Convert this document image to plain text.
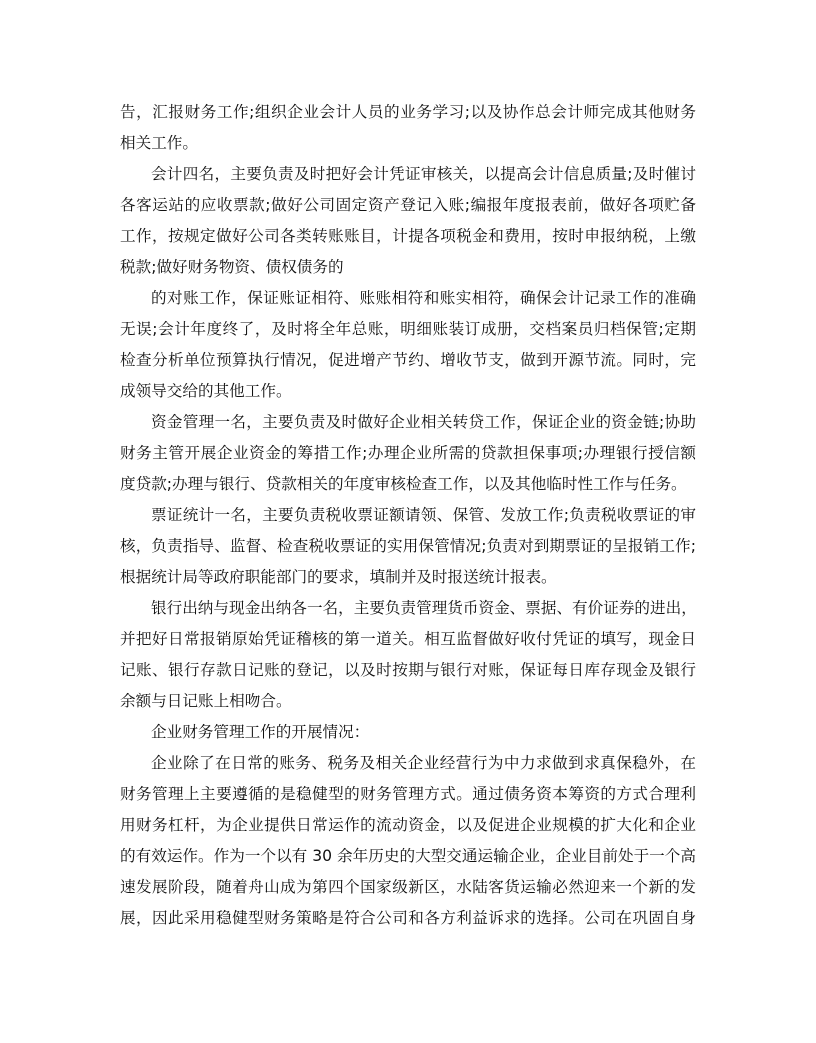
告，汇报财务工作;组织企业会计人员的业务学习;以及协作总会计师完成其他财务
相关工作。
会计四名，主要负责及时把好会计凭证审核关，以提高会计信息质量;及时催讨
各客运站的应收票款;做好公司固定资产登记入账;编报年度报表前，做好各项贮备
工作，按规定做好公司各类转账账目，计提各项税金和费用，按时申报纳税，上缴
税款;做好财务物资、债权债务的
的对账工作，保证账证相符、账账相符和账实相符，确保会计记录工作的准确
无误;会计年度终了，及时将全年总账，明细账装订成册，交档案员归档保管;定期
检查分析单位预算执行情况，促进增产节约、增收节支，做到开源节流。同时，完
成领导交给的其他工作。
资金管理一名，主要负责及时做好企业相关转贷工作，保证企业的资金链;协助
财务主管开展企业资金的筹措工作;办理企业所需的贷款担保事项;办理银行授信额
度贷款;办理与银行、贷款相关的年度审核检查工作，以及其他临时性工作与任务。
票证统计一名，主要负责税收票证额请领、保管、发放工作;负责税收票证的审
核，负责指导、监督、检查税收票证的实用保管情况;负责对到期票证的呈报销工作;
根据统计局等政府职能部门的要求，填制并及时报送统计报表。
银行出纳与现金出纳各一名，主要负责管理货币资金、票据、有价证券的进出，
并把好日常报销原始凭证稽核的第一道关。相互监督做好收付凭证的填写，现金日
记账、银行存款日记账的登记，以及时按期与银行对账，保证每日库存现金及银行
余额与日记账上相吻合。
企业财务管理工作的开展情况：
企业除了在日常的账务、税务及相关企业经营行为中力求做到求真保稳外，在
财务管理上主要遵循的是稳健型的财务管理方式。通过债务资本筹资的方式合理利
用财务杠杆，为企业提供日常运作的流动资金，以及促进企业规模的扩大化和企业
的有效运作。作为一个以有 30 余年历史的大型交通运输企业，企业目前处于一个高
速发展阶段，随着舟山成为第四个国家级新区，水陆客货运输必然迎来一个新的发
展，因此采用稳健型财务策略是符合公司和各方利益诉求的选择。公司在巩固自身
